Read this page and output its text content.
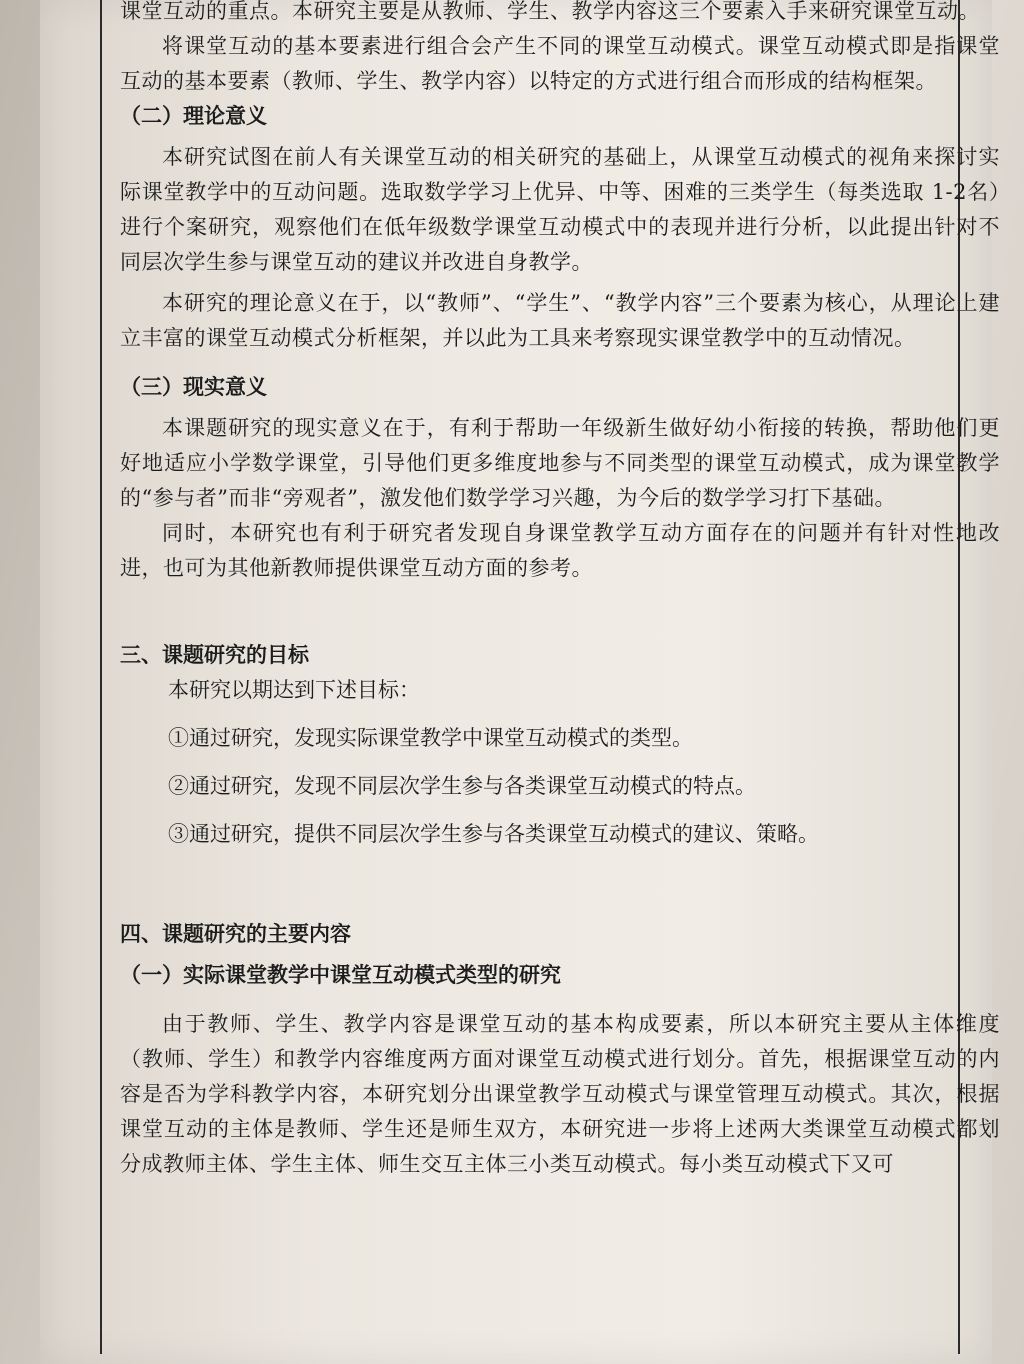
课堂互动的重点。本研究主要是从教师、学生、教学内容这三个要素入手来研究课堂互动。

将课堂互动的基本要素进行组合会产生不同的课堂互动模式。课堂互动模式即是指课堂互动的基本要素（教师、学生、教学内容）以特定的方式进行组合而形成的结构框架。

（二）理论意义

本研究试图在前人有关课堂互动的相关研究的基础上，从课堂互动模式的视角来探讨实际课堂教学中的互动问题。选取数学学习上优异、中等、困难的三类学生（每类选取 1-2名）进行个案研究，观察他们在低年级数学课堂互动模式中的表现并进行分析，以此提出针对不同层次学生参与课堂互动的建议并改进自身教学。

本研究的理论意义在于，以“教师”、“学生”、“教学内容”三个要素为核心，从理论上建立丰富的课堂互动模式分析框架，并以此为工具来考察现实课堂教学中的互动情况。

（三）现实意义

本课题研究的现实意义在于，有利于帮助一年级新生做好幼小衔接的转换，帮助他们更好地适应小学数学课堂，引导他们更多维度地参与不同类型的课堂互动模式，成为课堂教学的“参与者”而非“旁观者”，激发他们数学学习兴趣，为今后的数学学习打下基础。

同时，本研究也有利于研究者发现自身课堂教学互动方面存在的问题并有针对性地改进，也可为其他新教师提供课堂互动方面的参考。

三、课题研究的目标
本研究以期达到下述目标：
①通过研究，发现实际课堂教学中课堂互动模式的类型。
②通过研究，发现不同层次学生参与各类课堂互动模式的特点。
③通过研究，提供不同层次学生参与各类课堂互动模式的建议、策略。
四、课题研究的主要内容
（一）实际课堂教学中课堂互动模式类型的研究

由于教师、学生、教学内容是课堂互动的基本构成要素，所以本研究主要从主体维度（教师、学生）和教学内容维度两方面对课堂互动模式进行划分。首先，根据课堂互动的内容是否为学科教学内容，本研究划分出课堂教学互动模式与课堂管理互动模式。其次，根据课堂互动的主体是教师、学生还是师生双方，本研究进一步将上述两大类课堂互动模式都划分成教师主体、学生主体、师生交互主体三小类互动模式。每小类互动模式下又可
